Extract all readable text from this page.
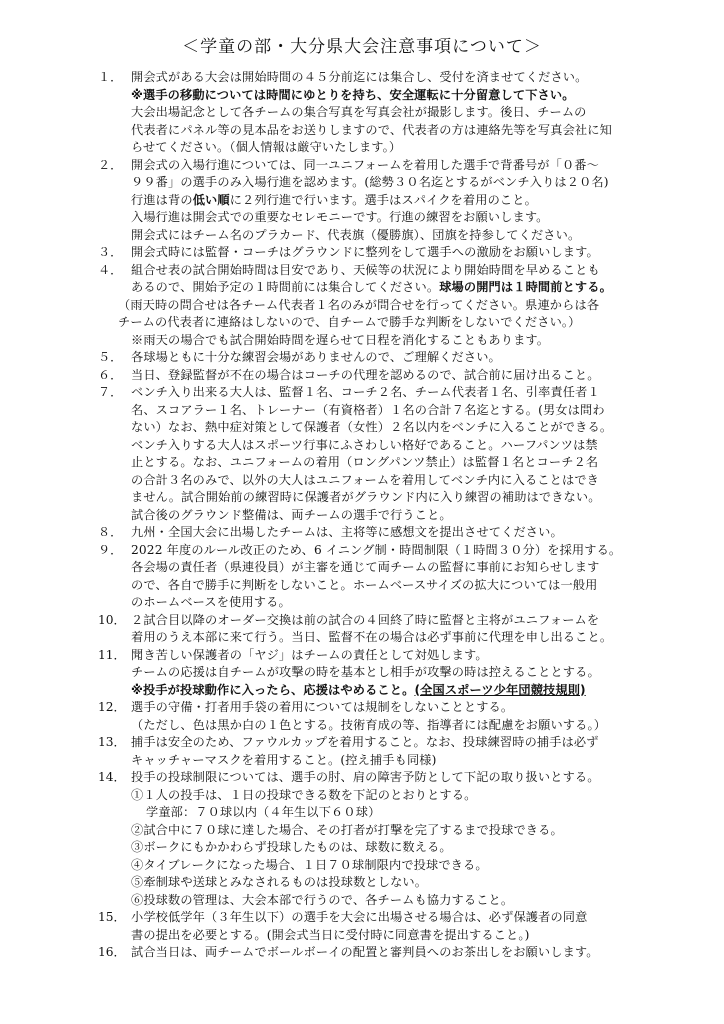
＜学童の部・大分県大会注意事項について＞
１． 開会式がある大会は開始時間の４５分前迄には集合し、受付を済ませてください。
※選手の移動については時間にゆとりを持ち、安全運転に十分留意して下さい。
大会出場記念として各チームの集合写真を写真会社が撮影します。後日、チームの
代表者にパネル等の見本品をお送りしますので、代表者の方は連絡先等を写真会社に知
らせてください。（個人情報は厳守いたします。）
２． 開会式の入場行進については、同一ユニフォームを着用した選手で背番号が「０番～
９９番」の選手のみ入場行進を認めます。(総勢３０名迄とするがベンチ入りは２０名)
行進は背の低い順に２列行進で行います。選手はスパイクを着用のこと。
入場行進は開会式での重要なセレモニーです。行進の練習をお願いします。
開会式にはチーム名のプラカード、代表旗（優勝旗）、団旗を持参してください。
３． 開会式時には監督・コーチはグラウンドに整列をして選手への激励をお願いします。
４． 組合せ表の試合開始時間は目安であり、天候等の状況により開始時間を早めることも
あるので、開始予定の１時間前には集合してください。球場の開門は１時間前とする。
（雨天時の問合せは各チーム代表者１名のみが問合せを行ってください。県連からは各
チームの代表者に連絡はしないので、自チームで勝手な判断をしないでください。）
※雨天の場合でも試合開始時間を遅らせて日程を消化することもあります。
５． 各球場ともに十分な練習会場がありませんので、ご理解ください。
６． 当日、登録監督が不在の場合はコーチの代理を認めるので、試合前に届け出ること。
７． ベンチ入り出来る大人は、監督１名、コーチ２名、チーム代表者１名、引率責任者１
名、スコアラー１名、トレーナー（有資格者）１名の合計７名迄とする。(男女は問わ
ない）なお、熱中症対策として保護者（女性）２名以内をベンチに入ることができる。
ベンチ入りする大人はスポーツ行事にふさわしい格好であること。ハーフパンツは禁
止とする。なお、ユニフォームの着用（ロングパンツ禁止）は監督１名とコーチ２名
の合計３名のみで、以外の大人はユニフォームを着用してベンチ内に入ることはでき
ません。試合開始前の練習時に保護者がグラウンド内に入り練習の補助はできない。
試合後のグラウンド整備は、両チームの選手で行うこと。
８． 九州・全国大会に出場したチームは、主将等に感想文を提出させてください。
９． 2022 年度のルール改正のため、6 イニング制・時間制限（１時間３０分）を採用する。
各会場の責任者（県連役員）が主審を通じて両チームの監督に事前にお知らせします
ので、各自で勝手に判断をしないこと。ホームベースサイズの拡大については一般用
のホームベースを使用する。
10． ２試合目以降のオーダー交換は前の試合の４回終了時に監督と主将がユニフォームを
着用のうえ本部に来て行う。当日、監督不在の場合は必ず事前に代理を申し出ること。
11． 聞き苦しい保護者の「ヤジ」はチームの責任として対処します。
チームの応援は自チームが攻撃の時を基本とし相手が攻撃の時は控えることとする。
※投手が投球動作に入ったら、応援はやめること。(全国スポーツ少年団競技規則)
12． 選手の守備・打者用手袋の着用については規制をしないこととする。
（ただし、色は黒か白の１色とする。技術育成の等、指導者には配慮をお願いする。）
13． 捕手は安全のため、ファウルカップを着用すること。なお、投球練習時の捕手は必ず
キャッチャーマスクを着用すること。(控え捕手も同様)
14． 投手の投球制限については、選手の肘、肩の障害予防として下記の取り扱いとする。
①１人の投手は、１日の投球できる数を下記のとおりとする。
学童部：７０球以内（４年生以下６０球）
②試合中に７０球に達した場合、その打者が打撃を完了するまで投球できる。
③ボークにもかかわらず投球したものは、球数に数える。
④タイブレークになった場合、１日７０球制限内で投球できる。
⑤牽制球や送球とみなされるものは投球数としない。
⑥投球数の管理は、大会本部で行うので、各チームも協力すること。
15． 小学校低学年（３年生以下）の選手を大会に出場させる場合は、必ず保護者の同意
書の提出を必要とする。(開会式当日に受付時に同意書を提出すること。)
16． 試合当日は、両チームでボールボーイの配置と審判員へのお茶出しをお願いします。
